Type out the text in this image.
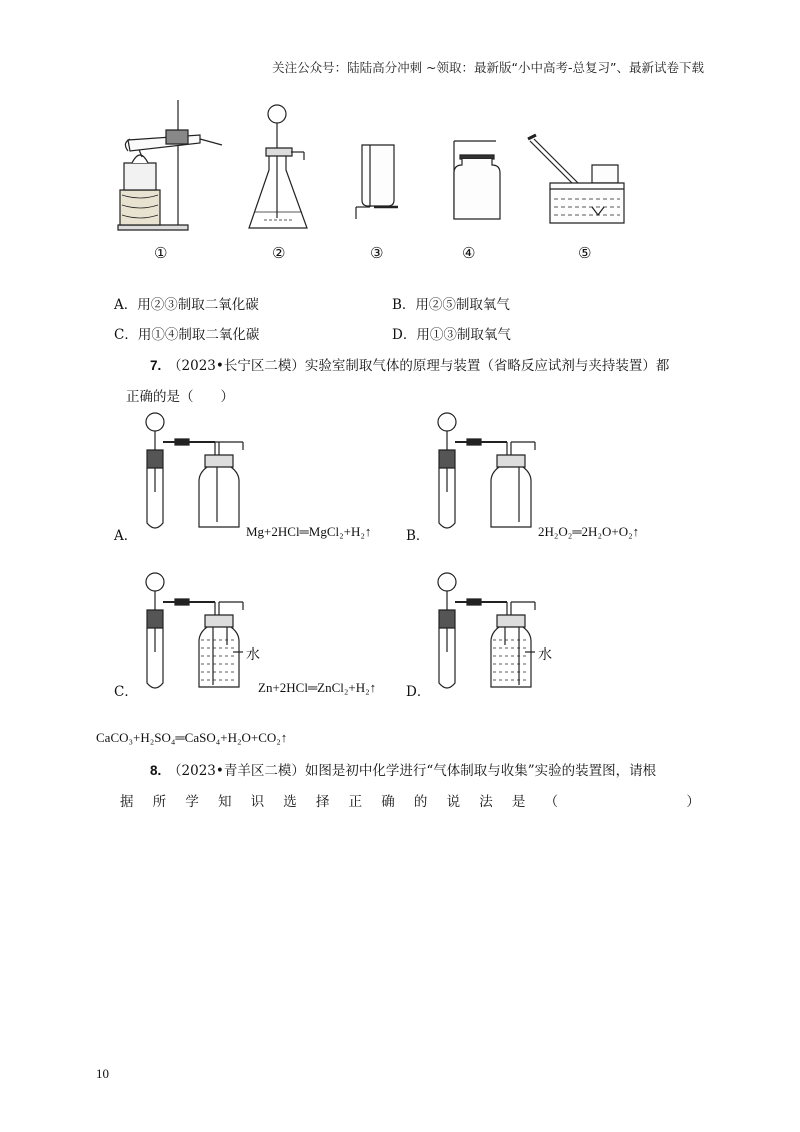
关注公众号：陆陆高分冲刺 ~领取：最新版“小中高考-总复习”、最新试卷下载
①	②	③	④	⑤
A．用②③制取二氧化碳	B．用②⑤制取氧气
C．用①④制取二氧化碳	D．用①③制取氧气
7.　 （2023•长宁区二模）实验室制取气体的原理与装置（省略反应试剂与夹持装置）都
正确的是（　　）
A．	Mg+2HCl═MgCl₂+H₂↑	B．	2H₂O₂═2H₂O+O₂↑
水
C．	Zn+2HCl═ZnCl₂+H₂↑
水
D．
CaCO₃+H₂SO₄═CaSO₄+H₂O+CO₂↑
8.　 （2023•青羊区二模）如图是初中化学进行“气体制取与收集”实验的装置图，请根
据 所 学 知 识 选 择 正 确 的 说 法 是 （	）
10
